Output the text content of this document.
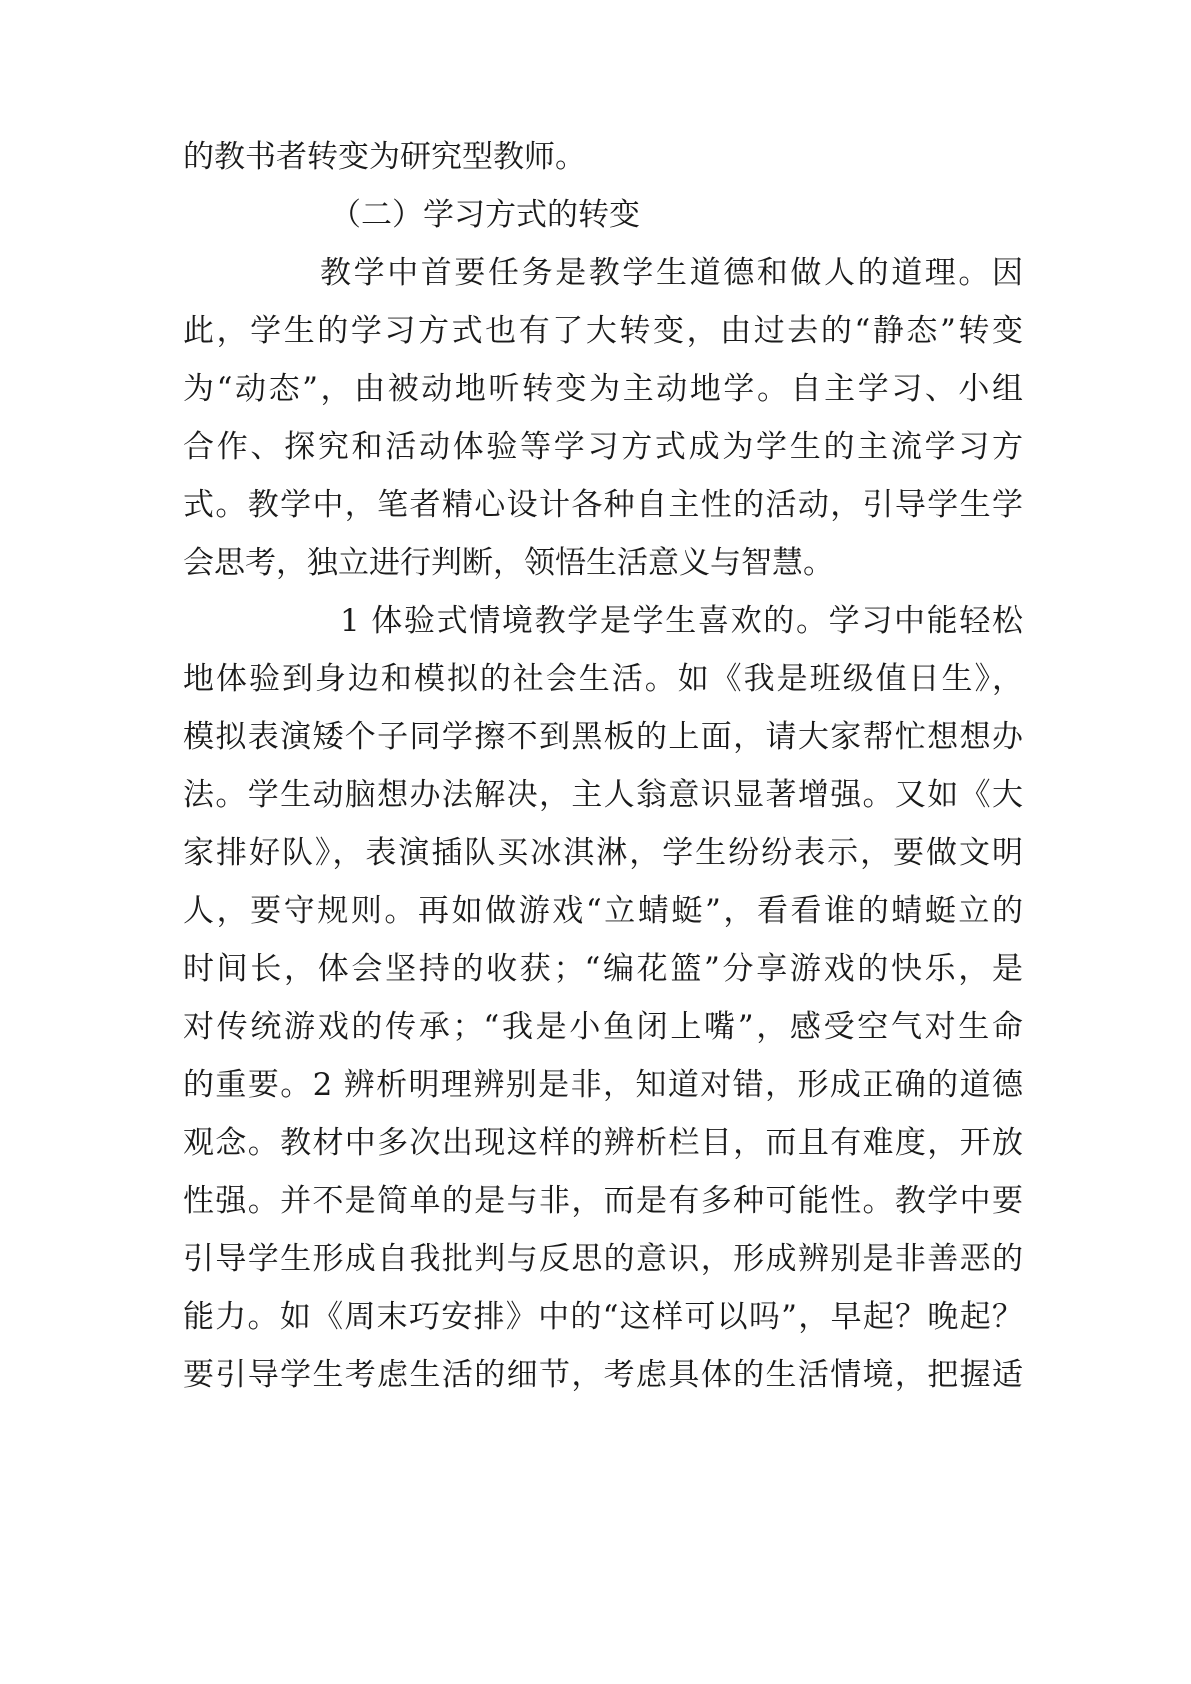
的教书者转变为研究型教师。
（二）学习方式的转变
教学中首要任务是教学生道德和做人的道理。因
此，学生的学习方式也有了大转变，由过去的“静态”转变
为“动态”，由被动地听转变为主动地学。自主学习、小组
合作、探究和活动体验等学习方式成为学生的主流学习方
式。教学中，笔者精心设计各种自主性的活动，引导学生学
会思考，独立进行判断，领悟生活意义与智慧。
1 体验式情境教学是学生喜欢的。学习中能轻松
地体验到身边和模拟的社会生活。如《我是班级值日生》，
模拟表演矮个子同学擦不到黑板的上面，请大家帮忙想想办
法。学生动脑想办法解决，主人翁意识显著增强。又如《大
家排好队》，表演插队买冰淇淋，学生纷纷表示，要做文明
人，要守规则。再如做游戏“立蜻蜓”，看看谁的蜻蜓立的
时间长，体会坚持的收获；“编花篮”分享游戏的快乐，是
对传统游戏的传承；“我是小鱼闭上嘴”，感受空气对生命
的重要。2 辨析明理辨别是非，知道对错，形成正确的道德
观念。教材中多次出现这样的辨析栏目，而且有难度，开放
性强。并不是简单的是与非，而是有多种可能性。教学中要
引导学生形成自我批判与反思的意识，形成辨别是非善恶的
能力。如《周末巧安排》中的“这样可以吗”，早起？晚起？
要引导学生考虑生活的细节，考虑具体的生活情境，把握适
